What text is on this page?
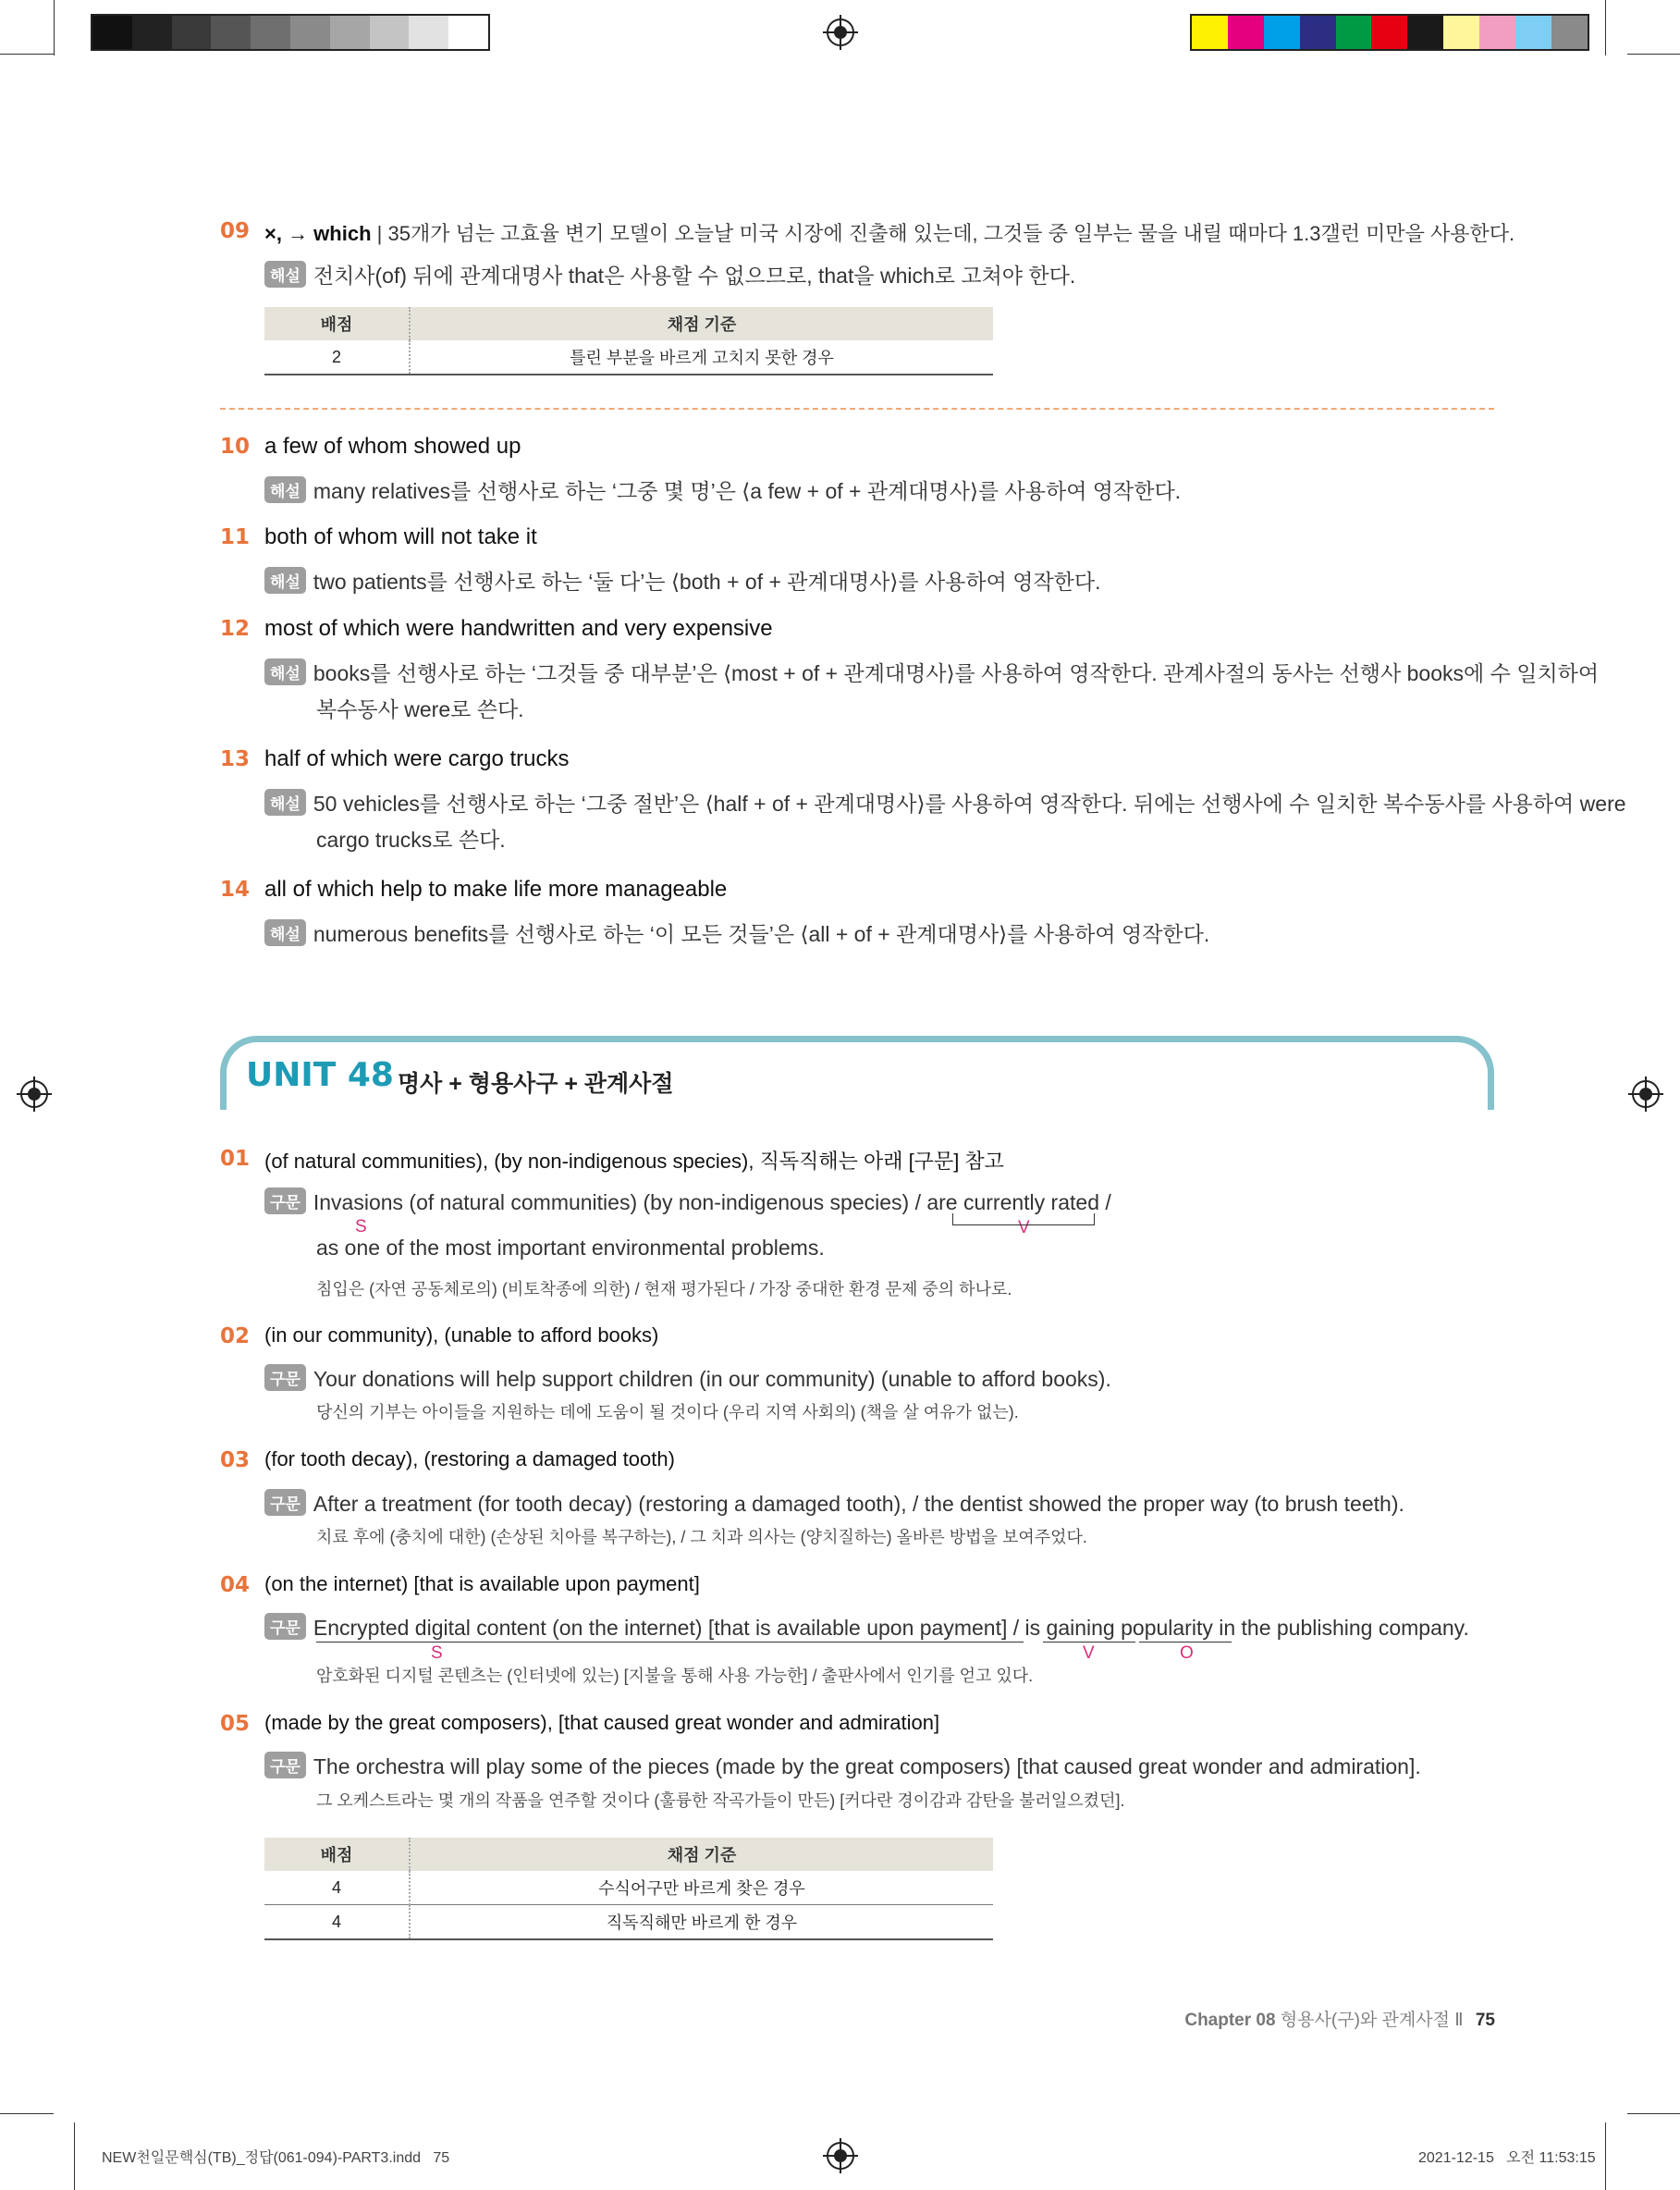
09 ×, → which | 35개가 넘는 고효율 변기 모델이 오늘날 미국 시장에 진출해 있는데, 그것들 중 일부는 물을 내릴 때마다 1.3갤런 미만을 사용한다.
해설 전치사(of) 뒤에 관계대명사 that은 사용할 수 없으므로, that을 which로 고쳐야 한다.
배점	채점 기준
2	틀린 부분을 바르게 고치지 못한 경우
10 a few of whom showed up
해설 many relatives를 선행사로 하는 ‘그중 몇 명’은 ⟨a few + of + 관계대명사⟩를 사용하여 영작한다.
11 both of whom will not take it
해설 two patients를 선행사로 하는 ‘둘 다’는 ⟨both + of + 관계대명사⟩를 사용하여 영작한다.
12 most of which were handwritten and very expensive
해설 books를 선행사로 하는 ‘그것들 중 대부분’은 ⟨most + of + 관계대명사⟩를 사용하여 영작한다. 관계사절의 동사는 선행사 books에 수 일치하여
복수동사 were로 쓴다.
13 half of which were cargo trucks
해설 50 vehicles를 선행사로 하는 ‘그중 절반’은 ⟨half + of + 관계대명사⟩를 사용하여 영작한다. 뒤에는 선행사에 수 일치한 복수동사를 사용하여 were
cargo trucks로 쓴다.
14 all of which help to make life more manageable
해설 numerous benefits를 선행사로 하는 ‘이 모든 것들’은 ⟨all + of + 관계대명사⟩를 사용하여 영작한다.
UNIT 48 명사 + 형용사구 + 관계사절
01 (of natural communities), (by non-indigenous species), 직독직해는 아래 [구문] 참고
구문 Invasions (of natural communities) (by non-indigenous species) / are currently rated /
S	V
as one of the most important environmental problems.
침입은 (자연 공동체로의) (비토착종에 의한) / 현재 평가된다 / 가장 중대한 환경 문제 중의 하나로.
02 (in our community), (unable to afford books)
구문 Your donations will help support children (in our community) (unable to afford books).
당신의 기부는 아이들을 지원하는 데에 도움이 될 것이다 (우리 지역 사회의) (책을 살 여유가 없는).
03 (for tooth decay), (restoring a damaged tooth)
구문 After a treatment (for tooth decay) (restoring a damaged tooth), / the dentist showed the proper way (to brush teeth).
치료 후에 (충치에 대한) (손상된 치아를 복구하는), / 그 치과 의사는 (양치질하는) 올바른 방법을 보여주었다.
04 (on the internet) [that is available upon payment]
구문 Encrypted digital content (on the internet) [that is available upon payment] / is gaining popularity in the publishing company.
S	V	O
암호화된 디지털 콘텐츠는 (인터넷에 있는) [지불을 통해 사용 가능한] / 출판사에서 인기를 얻고 있다.
05 (made by the great composers), [that caused great wonder and admiration]
구문 The orchestra will play some of the pieces (made by the great composers) [that caused great wonder and admiration].
그 오케스트라는 몇 개의 작품을 연주할 것이다 (훌륭한 작곡가들이 만든) [커다란 경이감과 감탄을 불러일으켰던].
배점	채점 기준
4	수식어구만 바르게 찾은 경우
4	직독직해만 바르게 한 경우
Chapter 08 형용사(구)와 관계사절 Ⅱ 75
NEW천일문핵심(TB)_정답(061-094)-PART3.indd   75	2021-12-15   오전 11:53:15
